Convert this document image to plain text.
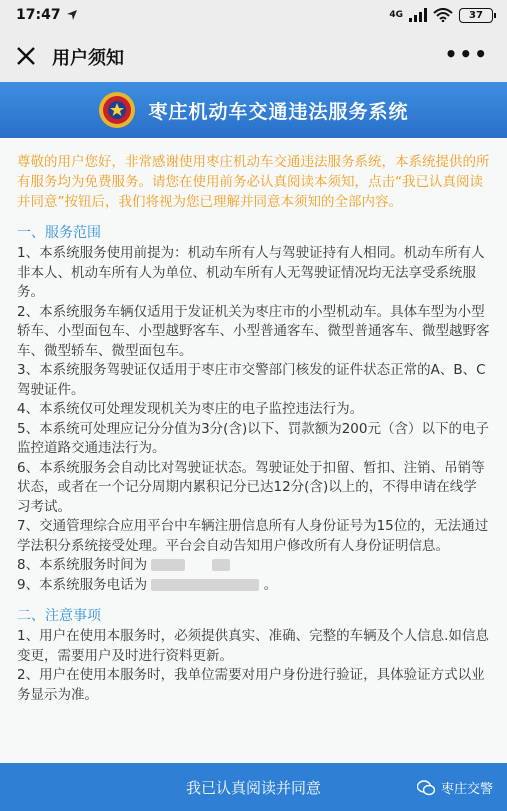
17:47	4G	37
用户须知	•••
枣庄机动车交通违法服务系统

尊敬的用户您好，非常感谢使用枣庄机动车交通违法服务系统，本系统提供的所有服务均为免费服务。请您在使用前务必认真阅读本须知，点击“我已认真阅读并同意”按钮后，我们将视为您已理解并同意本须知的全部内容。

一、服务范围

1、本系统服务使用前提为：机动车所有人与驾驶证持有人相同。机动车所有人非本人、机动车所有人为单位、机动车所有人无驾驶证情况均无法享受系统服务。

2、本系统服务车辆仅适用于发证机关为枣庄市的小型机动车。具体车型为小型轿车、小型面包车、小型越野客车、小型普通客车、微型普通客车、微型越野客车、微型轿车、微型面包车。

3、本系统服务驾驶证仅适用于枣庄市交警部门核发的证件状态正常的A、B、C驾驶证件。

4、本系统仅可处理发现机关为枣庄的电子监控违法行为。

5、本系统可处理应记分分值为3分(含)以下、罚款额为200元（含）以下的电子监控道路交通违法行为。

6、本系统服务会自动比对驾驶证状态。驾驶证处于扣留、暂扣、注销、吊销等状态，或者在一个记分周期内累积记分已达12分(含)以上的，不得申请在线学习考试。

7、交通管理综合应用平台中车辆注册信息所有人身份证号为15位的，无法通过学法积分系统接受处理。平台会自动告知用户修改所有人身份证明信息。

8、本系统服务时间为

9、本系统服务电话为	。

二、注意事项

1、用户在使用本服务时，必须提供真实、准确、完整的车辆及个人信息.如信息变更，需要用户及时进行资料更新。

2、用户在使用本服务时，我单位需要对用户身份进行验证，具体验证方式以业务显示为准。

我已认真阅读并同意	枣庄交警
